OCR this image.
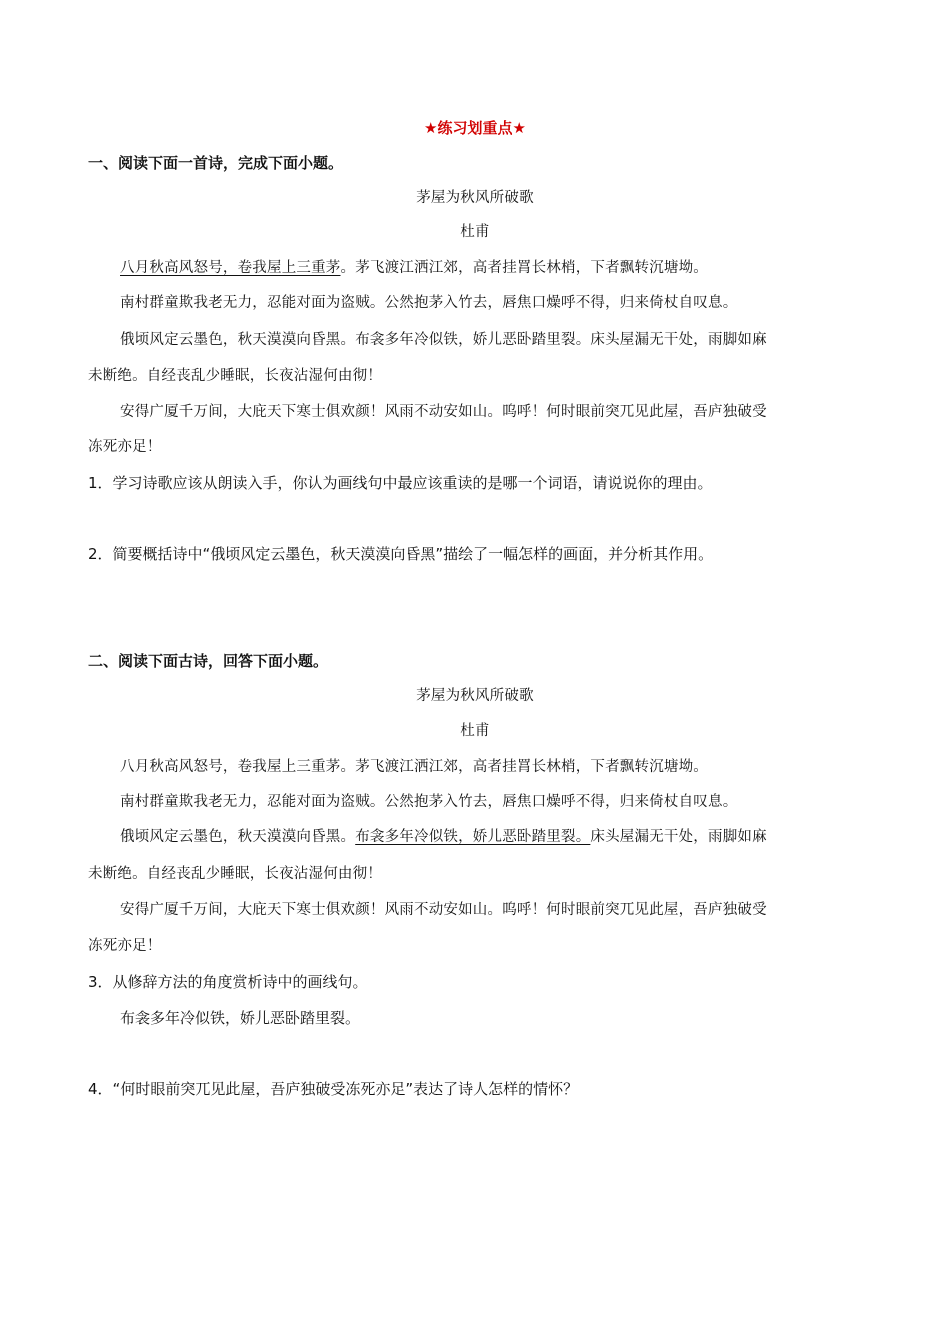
★练习划重点★
一、阅读下面一首诗，完成下面小题。
茅屋为秋风所破歌
杜甫
八月秋高风怒号，卷我屋上三重茅。茅飞渡江洒江郊，高者挂罥长林梢，下者飘转沉塘坳。
南村群童欺我老无力，忍能对面为盗贼。公然抱茅入竹去，唇焦口燥呼不得，归来倚杖自叹息。
俄顷风定云墨色，秋天漠漠向昏黑。布衾多年冷似铁，娇儿恶卧踏里裂。床头屋漏无干处，雨脚如麻
未断绝。自经丧乱少睡眠，长夜沾湿何由彻！
安得广厦千万间，大庇天下寒士俱欢颜！风雨不动安如山。呜呼！何时眼前突兀见此屋，吾庐独破受
冻死亦足！
1．学习诗歌应该从朗读入手，你认为画线句中最应该重读的是哪一个词语，请说说你的理由。
2．简要概括诗中“俄顷风定云墨色，秋天漠漠向昏黑”描绘了一幅怎样的画面，并分析其作用。
二、阅读下面古诗，回答下面小题。
茅屋为秋风所破歌
杜甫
八月秋高风怒号，卷我屋上三重茅。茅飞渡江洒江郊，高者挂罥长林梢，下者飘转沉塘坳。
南村群童欺我老无力，忍能对面为盗贼。公然抱茅入竹去，唇焦口燥呼不得，归来倚杖自叹息。
俄顷风定云墨色，秋天漠漠向昏黑。布衾多年冷似铁，娇儿恶卧踏里裂。床头屋漏无干处，雨脚如麻
未断绝。自经丧乱少睡眠，长夜沾湿何由彻！
安得广厦千万间，大庇天下寒士俱欢颜！风雨不动安如山。呜呼！何时眼前突兀见此屋，吾庐独破受
冻死亦足！
3．从修辞方法的角度赏析诗中的画线句。
布衾多年冷似铁，娇儿恶卧踏里裂。
4．“何时眼前突兀见此屋，吾庐独破受冻死亦足”表达了诗人怎样的情怀？
